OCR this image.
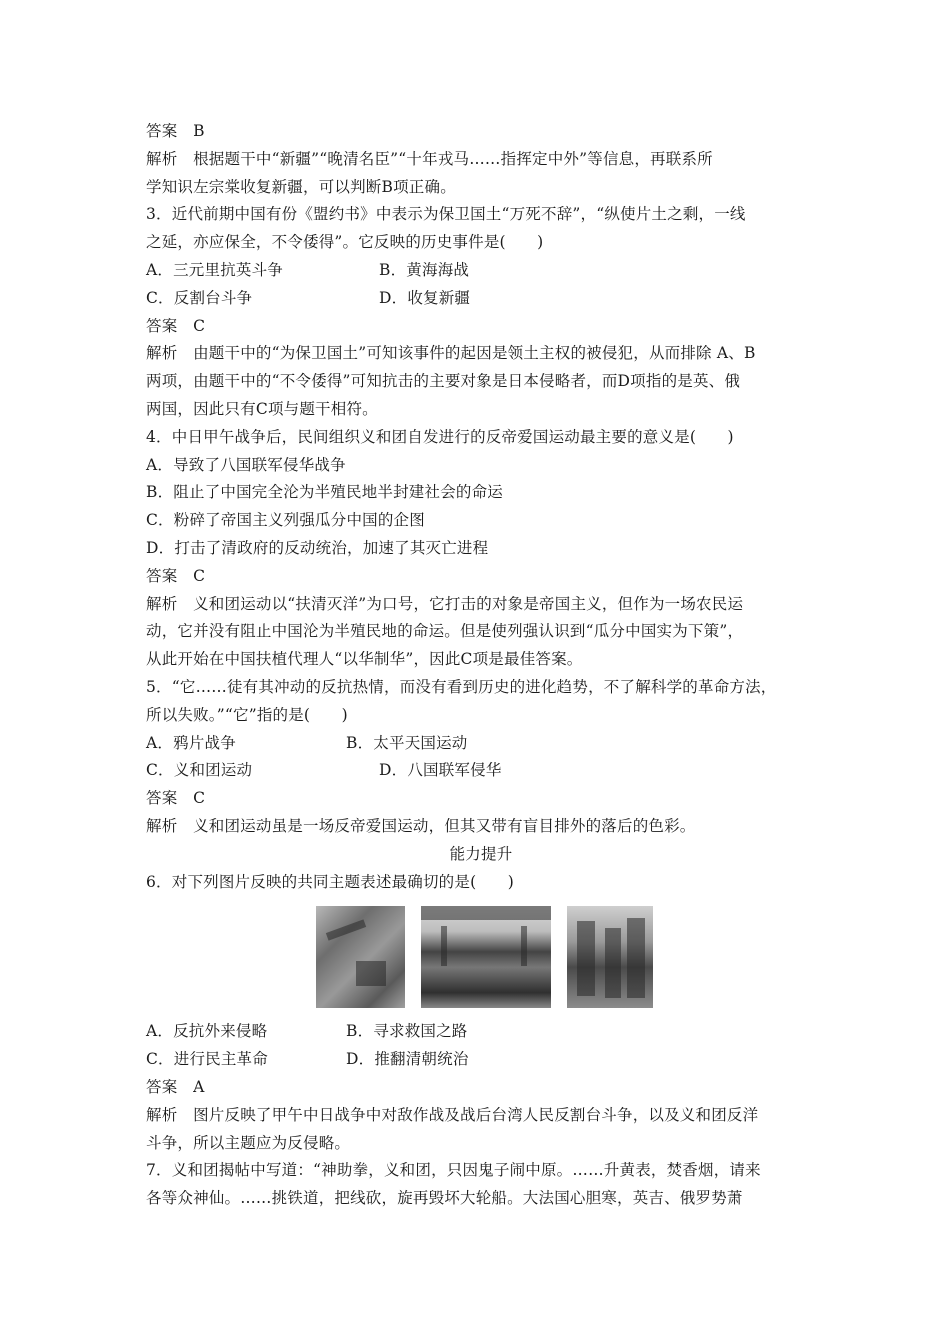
答案　B
解析　根据题干中“新疆”“晚清名臣”“十年戎马……指挥定中外”等信息，再联系所
学知识左宗棠收复新疆，可以判断B项正确。
3．近代前期中国有份《盟约书》中表示为保卫国土“万死不辞”，“纵使片土之剩，一线
之延，亦应保全，不令倭得”。它反映的历史事件是(　　)
A．三元里抗英斗争	B．黄海海战
C．反割台斗争	D．收复新疆
答案　C
解析　由题干中的“为保卫国土”可知该事件的起因是领土主权的被侵犯，从而排除 A、B
两项，由题干中的“不令倭得”可知抗击的主要对象是日本侵略者，而D项指的是英、俄
两国，因此只有C项与题干相符。
4．中日甲午战争后，民间组织义和团自发进行的反帝爱国运动最主要的意义是(　　)
A．导致了八国联军侵华战争
B．阻止了中国完全沦为半殖民地半封建社会的命运
C．粉碎了帝国主义列强瓜分中国的企图
D．打击了清政府的反动统治，加速了其灭亡进程
答案　C
解析　义和团运动以“扶清灭洋”为口号，它打击的对象是帝国主义，但作为一场农民运
动，它并没有阻止中国沦为半殖民地的命运。但是使列强认识到“瓜分中国实为下策”，
从此开始在中国扶植代理人“以华制华”，因此C项是最佳答案。
5．“它……徒有其冲动的反抗热情，而没有看到历史的进化趋势，不了解科学的革命方法，
所以失败。”“它”指的是(　　)
A．鸦片战争	B．太平天国运动
C．义和团运动	D．八国联军侵华
答案　C
解析　义和团运动虽是一场反帝爱国运动，但其又带有盲目排外的落后的色彩。
能力提升
6．对下列图片反映的共同主题表述最确切的是(　　)
A．反抗外来侵略	B．寻求救国之路
C．进行民主革命	D．推翻清朝统治
答案　A
解析　图片反映了甲午中日战争中对敌作战及战后台湾人民反割台斗争，以及义和团反洋
斗争，所以主题应为反侵略。
7．义和团揭帖中写道：“神助拳，义和团，只因鬼子闹中原。……升黄表，焚香烟，请来
各等众神仙。……挑铁道，把线砍，旋再毁坏大轮船。大法国心胆寒，英吉、俄罗势萧
